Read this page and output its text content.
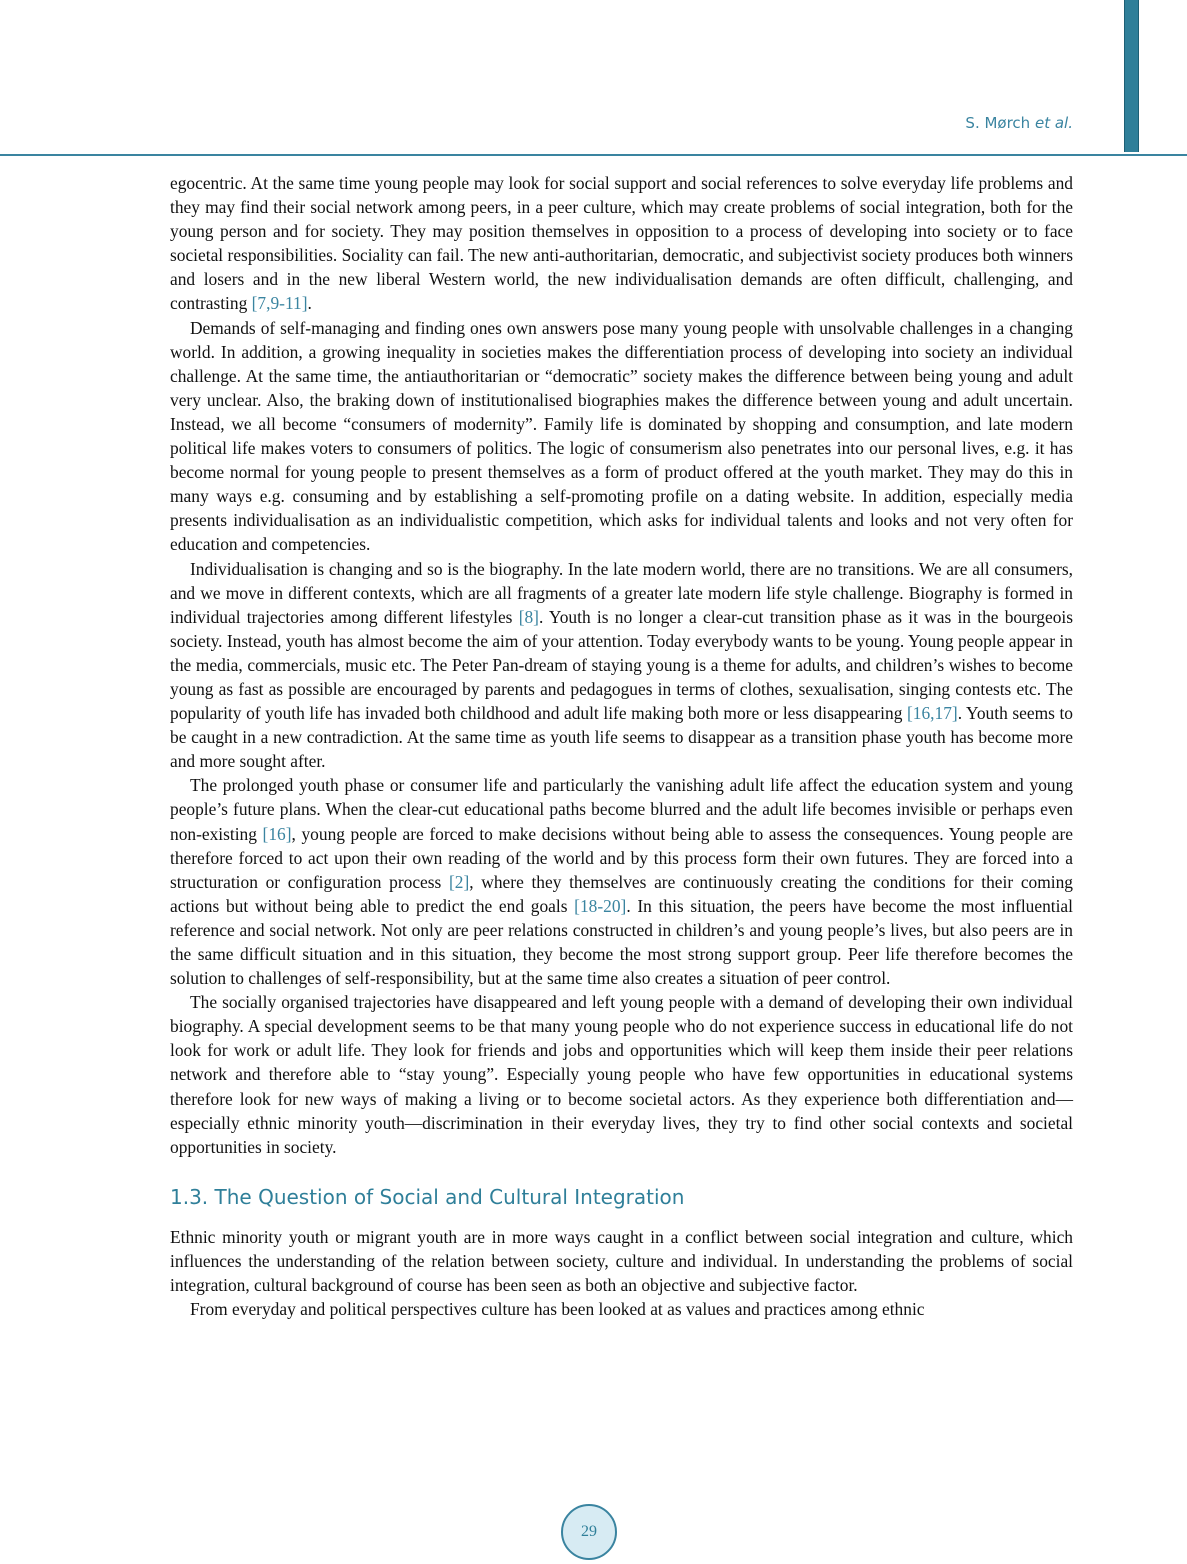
S. Mørch et al.

egocentric. At the same time young people may look for social support and social references to solve everyday life problems and they may find their social network among peers, in a peer culture, which may create problems of social integration, both for the young person and for society. They may position themselves in opposition to a process of developing into society or to face societal responsibilities. Sociality can fail. The new anti-authoritarian, democratic, and subjectivist society produces both winners and losers and in the new liberal Western world, the new individualisation demands are often difficult, challenging, and contrasting [7,9-11].

Demands of self-managing and finding ones own answers pose many young people with unsolvable challenges in a changing world. In addition, a growing inequality in societies makes the differentiation process of developing into society an individual challenge. At the same time, the antiauthoritarian or “democratic” society makes the difference between being young and adult very unclear. Also, the braking down of institutionalised biographies makes the difference between young and adult uncertain. Instead, we all become “consumers of modernity”. Family life is dominated by shopping and consumption, and late modern political life makes voters to consumers of politics. The logic of consumerism also penetrates into our personal lives, e.g. it has become normal for young people to present themselves as a form of product offered at the youth market. They may do this in many ways e.g. consuming and by establishing a self-promoting profile on a dating website. In addition, especially media presents individualisation as an individualistic competition, which asks for individual talents and looks and not very often for education and competencies.

Individualisation is changing and so is the biography. In the late modern world, there are no transitions. We are all consumers, and we move in different contexts, which are all fragments of a greater late modern life style challenge. Biography is formed in individual trajectories among different lifestyles [8]. Youth is no longer a clear-cut transition phase as it was in the bourgeois society. Instead, youth has almost become the aim of your attention. Today everybody wants to be young. Young people appear in the media, commercials, music etc. The Peter Pan-dream of staying young is a theme for adults, and children’s wishes to become young as fast as possible are encouraged by parents and pedagogues in terms of clothes, sexualisation, singing contests etc. The popularity of youth life has invaded both childhood and adult life making both more or less disappearing [16,17]. Youth seems to be caught in a new contradiction. At the same time as youth life seems to disappear as a transition phase youth has become more and more sought after.

The prolonged youth phase or consumer life and particularly the vanishing adult life affect the education system and young people’s future plans. When the clear-cut educational paths become blurred and the adult life becomes invisible or perhaps even non-existing [16], young people are forced to make decisions without being able to assess the consequences. Young people are therefore forced to act upon their own reading of the world and by this process form their own futures. They are forced into a structuration or configuration process [2], where they themselves are continuously creating the conditions for their coming actions but without being able to predict the end goals [18-20]. In this situation, the peers have become the most influential reference and social network. Not only are peer relations constructed in children’s and young people’s lives, but also peers are in the same difficult situation and in this situation, they become the most strong support group. Peer life therefore becomes the solution to challenges of self-responsibility, but at the same time also creates a situation of peer control.

The socially organised trajectories have disappeared and left young people with a demand of developing their own individual biography. A special development seems to be that many young people who do not experience success in educational life do not look for work or adult life. They look for friends and jobs and opportunities which will keep them inside their peer relations network and therefore able to “stay young”. Especially young people who have few opportunities in educational systems therefore look for new ways of making a living or to become societal actors. As they experience both differentiation and—especially ethnic minority youth—discrimination in their everyday lives, they try to find other social contexts and societal opportunities in society.

1.3. The Question of Social and Cultural Integration

Ethnic minority youth or migrant youth are in more ways caught in a conflict between social integration and culture, which influences the understanding of the relation between society, culture and individual. In understanding the problems of social integration, cultural background of course has been seen as both an objective and subjective factor.

From everyday and political perspectives culture has been looked at as values and practices among ethnic

29
